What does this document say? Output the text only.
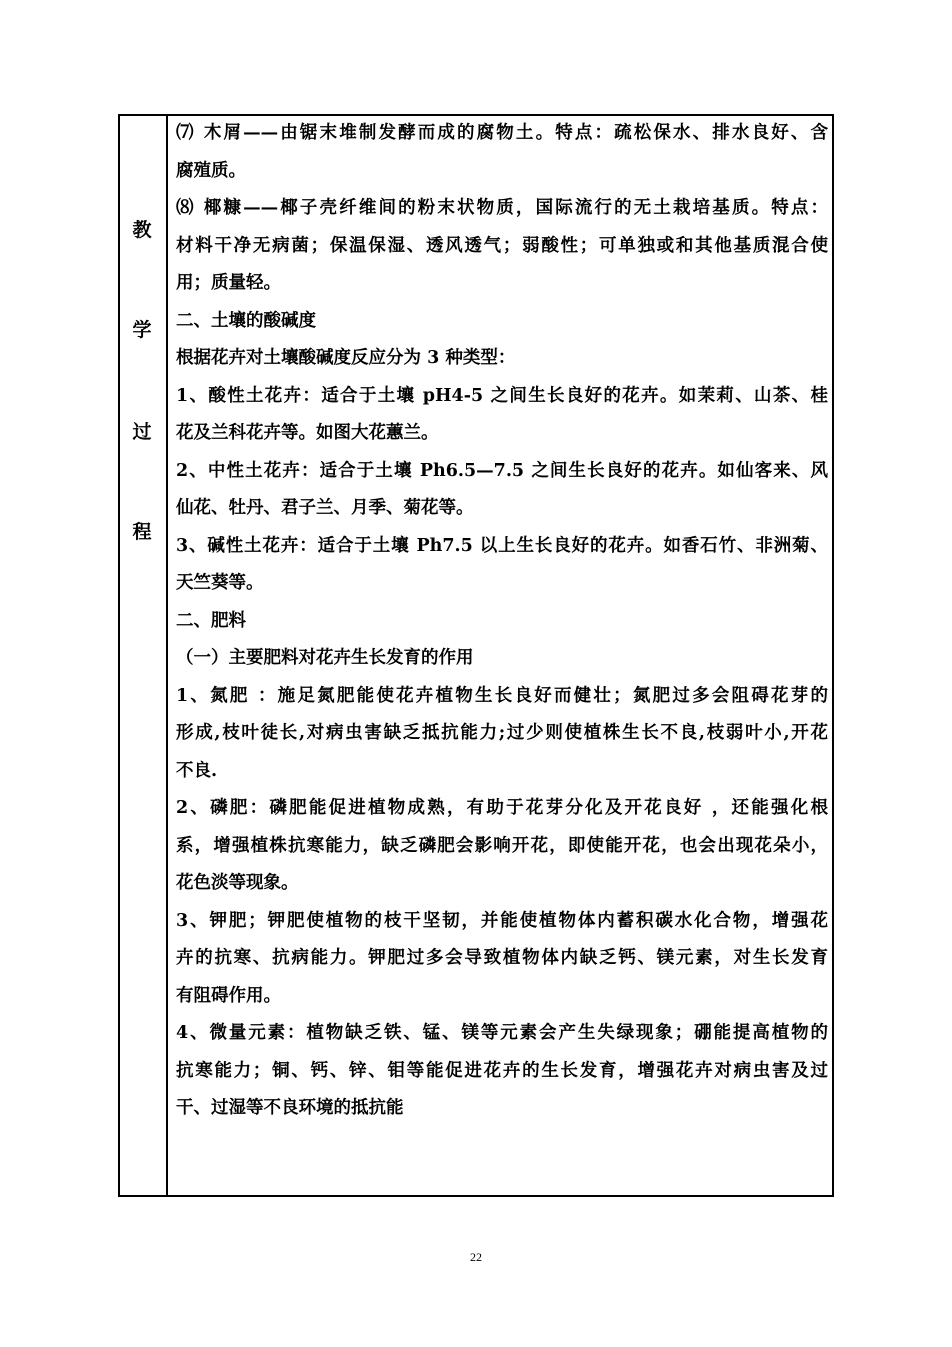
教
学
过
程
⑺ 木屑——由锯末堆制发酵而成的腐物土。特点：疏松保水、排水良好、含
腐殖质。
⑻ 椰糠——椰子壳纤维间的粉末状物质，国际流行的无土栽培基质。特点：
材料干净无病菌；保温保湿、透风透气；弱酸性；可单独或和其他基质混合使
用；质量轻。
二、土壤的酸碱度
根据花卉对土壤酸碱度反应分为 3 种类型：
1、酸性土花卉：适合于土壤 pH4-5 之间生长良好的花卉。如茉莉、山茶、桂
花及兰科花卉等。如图大花蕙兰。
2、中性土花卉：适合于土壤 Ph6.5—7.5 之间生长良好的花卉。如仙客来、风
仙花、牡丹、君子兰、月季、菊花等。
3、碱性土花卉：适合于土壤 Ph7.5 以上生长良好的花卉。如香石竹、非洲菊、
天竺葵等。
二、肥料
（一）主要肥料对花卉生长发育的作用
1、氮肥 ：施足氮肥能使花卉植物生长良好而健壮；氮肥过多会阻碍花芽的
形成,枝叶徒长,对病虫害缺乏抵抗能力;过少则使植株生长不良,枝弱叶小,开花
不良.
2、磷肥：磷肥能促进植物成熟，有助于花芽分化及开花良好 ，还能强化根
系，增强植株抗寒能力，缺乏磷肥会影响开花，即使能开花，也会出现花朵小，
花色淡等现象。
3、钾肥；钾肥使植物的枝干坚韧，并能使植物体内蓄积碳水化合物，增强花
卉的抗寒、抗病能力。钾肥过多会导致植物体内缺乏钙、镁元素，对生长发育
有阻碍作用。
4、微量元素：植物缺乏铁、锰、镁等元素会产生失绿现象；硼能提高植物的
抗寒能力；铜、钙、锌、钼等能促进花卉的生长发育，增强花卉对病虫害及过
干、过湿等不良环境的抵抗能
22
